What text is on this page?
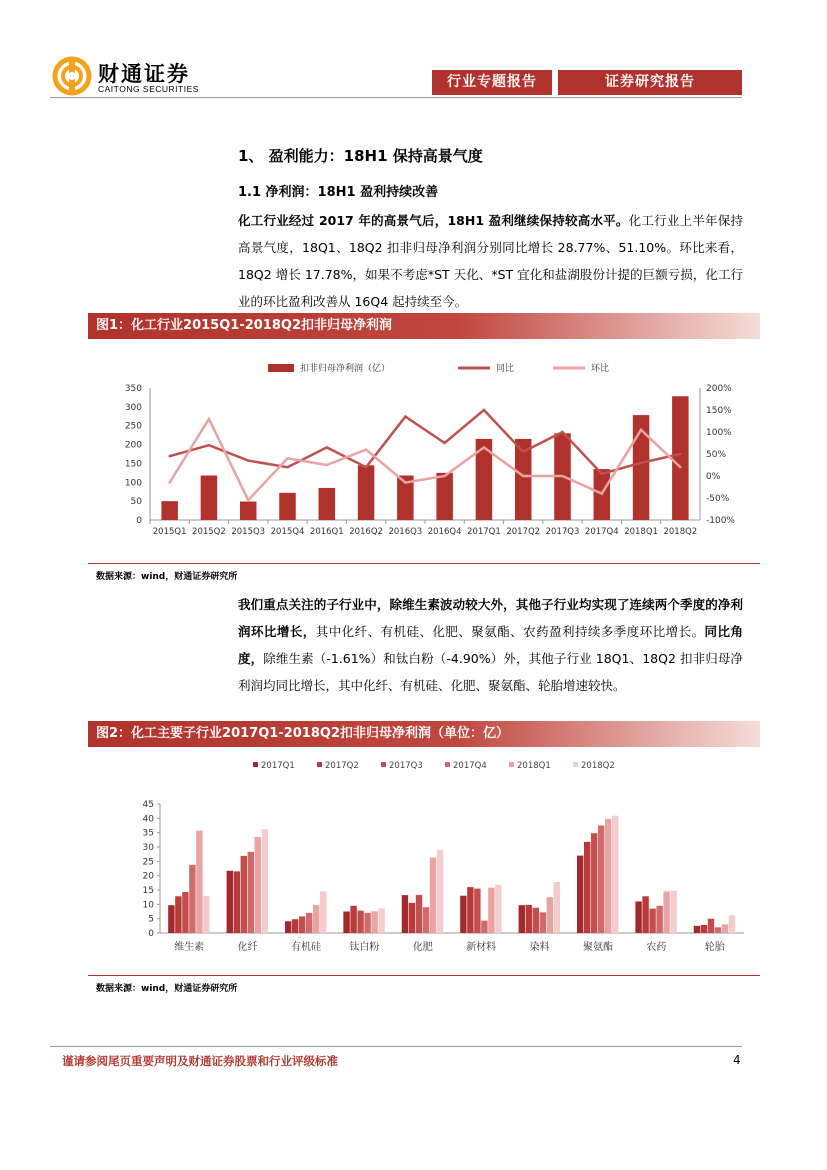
财通证券
CAITONG SECURITIES	行业专题报告	证券研究报告
1、 盈利能力：18H1 保持高景气度
1.1 净利润：18H1 盈利持续改善
化工行业经过 2017 年的高景气后，18H1 盈利继续保持较高水平。化工行业上半年保持高景气度，18Q1、18Q2 扣非归母净利润分别同比增长 28.77%、51.10%。环比来看，18Q2 增长 17.78%，如果不考虑*ST 天化、*ST 宜化和盐湖股份计提的巨额亏损，化工行业的环比盈利改善从 16Q4 起持续至今。
图1：化工行业2015Q1-2018Q2扣非归母净利润
0
50
100
150
200
250
300
350
-100%
-50%
0%
50%
100%
150%
200%
2015Q1 2015Q2 2015Q3 2015Q4 2016Q1 2016Q2 2016Q3 2016Q4 2017Q1 2017Q2 2017Q3 2017Q4 2018Q1 2018Q2
扣非归母净利润（亿）	同比	环比
数据来源：wind，财通证券研究所
我们重点关注的子行业中，除维生素波动较大外，其他子行业均实现了连续两个季度的净利润环比增长，其中化纤、有机硅、化肥、聚氨酯、农药盈利持续多季度环比增长。同比角度，除维生素（-1.61%）和钛白粉（-4.90%）外，其他子行业 18Q1、18Q2 扣非归母净利润均同比增长，其中化纤、有机硅、化肥、聚氨酯、轮胎增速较快。
图2：化工主要子行业2017Q1-2018Q2扣非归母净利润（单位：亿）
0
5
10
15
20
25
30
35
40
45
维生素	化纤	有机硅	钛白粉	化肥	新材料	染料	聚氨酯	农药	轮胎
2017Q1	2017Q2	2017Q3	2017Q4	2018Q1	2018Q2
数据来源：wind，财通证券研究所
谨请参阅尾页重要声明及财通证券股票和行业评级标准	4
